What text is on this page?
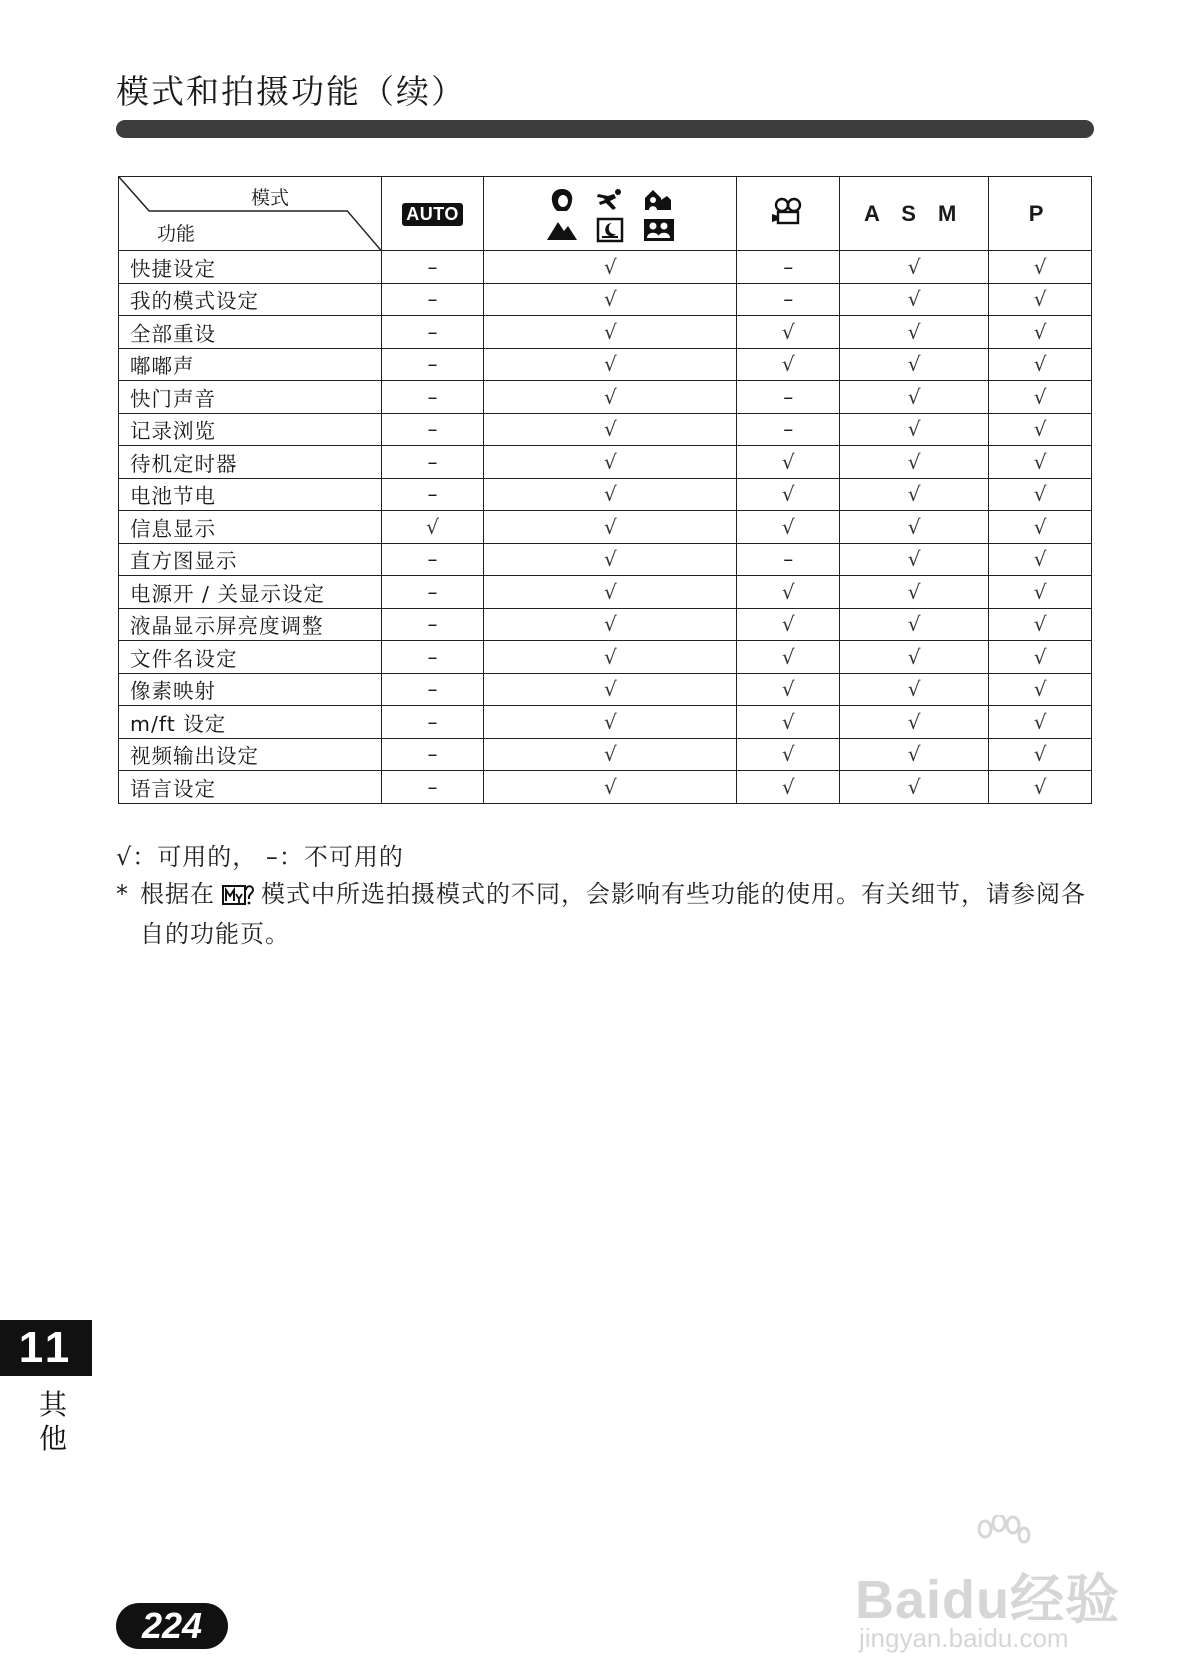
模式和拍摄功能（续）
模式
功能	AUTO			A S M	P
快捷设定	–	√	–	√	√
我的模式设定	–	√	–	√	√
全部重设	–	√	√	√	√
嘟嘟声	–	√	√	√	√
快门声音	–	√	–	√	√
记录浏览	–	√	–	√	√
待机定时器	–	√	√	√	√
电池节电	–	√	√	√	√
信息显示	√	√	√	√	√
直方图显示	–	√	–	√	√
电源开 / 关显示设定	–	√	√	√	√
液晶显示屏亮度调整	–	√	√	√	√
文件名设定	–	√	√	√	√
像素映射	–	√	√	√	√
m/ft 设定	–	√	√	√	√
视频输出设定	–	√	√	√	√
语言设定	–	√	√	√	√
√：可用的， –：不可用的
* 根据在 模式中所选拍摄模式的不同，会影响有些功能的使用。有关细节，请参阅各自的功能页。
11
其他
224	Baidu经验
jingyan.baidu.com
